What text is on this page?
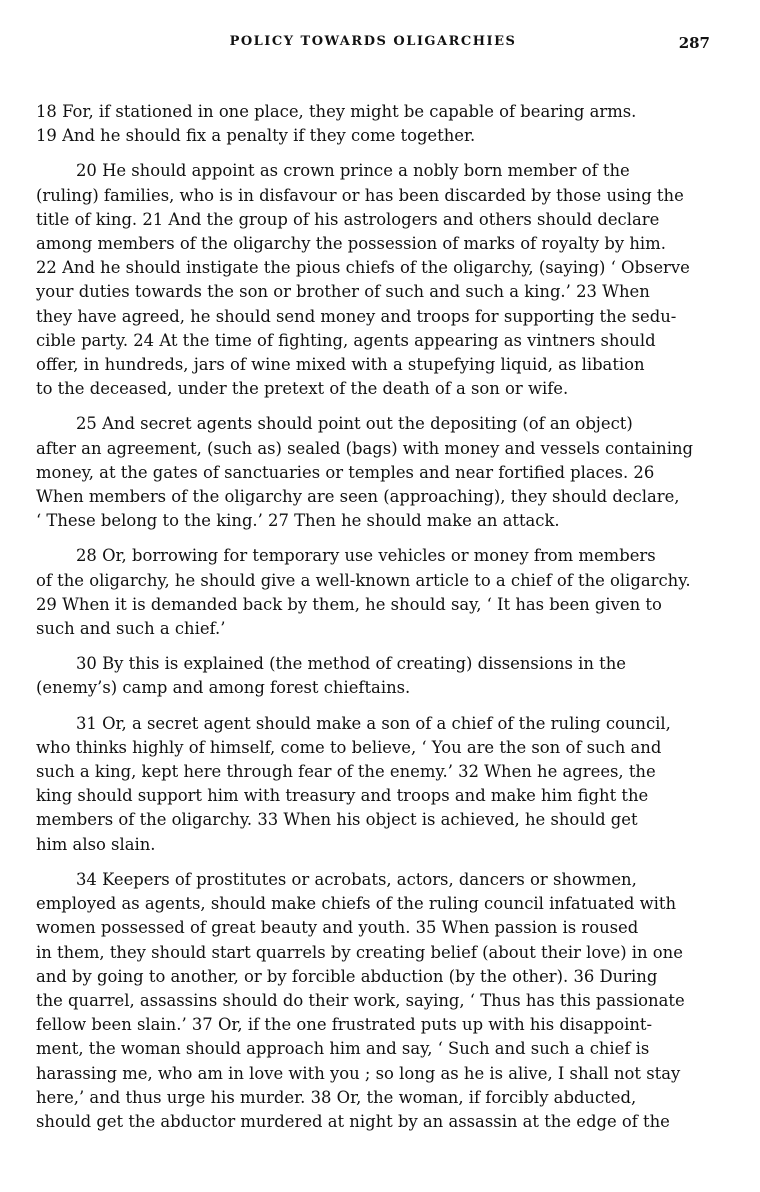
POLICY TOWARDS OLIGARCHIES	287
18 For, if stationed in one place, they might be capable of bearing arms.
19 And he should fix a penalty if they come together.
20 He should appoint as crown prince a nobly born member of the
(ruling) families, who is in disfavour or has been discarded by those using the
title of king. 21 And the group of his astrologers and others should declare
among members of the oligarchy the possession of marks of royalty by him.
22 And he should instigate the pious chiefs of the oligarchy, (saying) ‘ Observe
your duties towards the son or brother of such and such a king.’ 23 When
they have agreed, he should send money and troops for supporting the sedu-
cible party. 24 At the time of fighting, agents appearing as vintners should
offer, in hundreds, jars of wine mixed with a stupefying liquid, as libation
to the deceased, under the pretext of the death of a son or wife.
25 And secret agents should point out the depositing (of an object)
after an agreement, (such as) sealed (bags) with money and vessels containing
money, at the gates of sanctuaries or temples and near fortified places. 26
When members of the oligarchy are seen (approaching), they should declare,
‘ These belong to the king.’ 27 Then he should make an attack.
28 Or, borrowing for temporary use vehicles or money from members
of the oligarchy, he should give a well-known article to a chief of the oligarchy.
29 When it is demanded back by them, he should say, ‘ It has been given to
such and such a chief.’
30 By this is explained (the method of creating) dissensions in the
(enemy’s) camp and among forest chieftains.
31 Or, a secret agent should make a son of a chief of the ruling council,
who thinks highly of himself, come to believe, ‘ You are the son of such and
such a king, kept here through fear of the enemy.’ 32 When he agrees, the
king should support him with treasury and troops and make him fight the
members of the oligarchy. 33 When his object is achieved, he should get
him also slain.
34 Keepers of prostitutes or acrobats, actors, dancers or showmen,
employed as agents, should make chiefs of the ruling council infatuated with
women possessed of great beauty and youth. 35 When passion is roused
in them, they should start quarrels by creating belief (about their love) in one
and by going to another, or by forcible abduction (by the other). 36 During
the quarrel, assassins should do their work, saying, ‘ Thus has this passionate
fellow been slain.’ 37 Or, if the one frustrated puts up with his disappoint-
ment, the woman should approach him and say, ‘ Such and such a chief is
harassing me, who am in love with you ; so long as he is alive, I shall not stay
here,’ and thus urge his murder. 38 Or, the woman, if forcibly abducted,
should get the abductor murdered at night by an assassin at the edge of the
